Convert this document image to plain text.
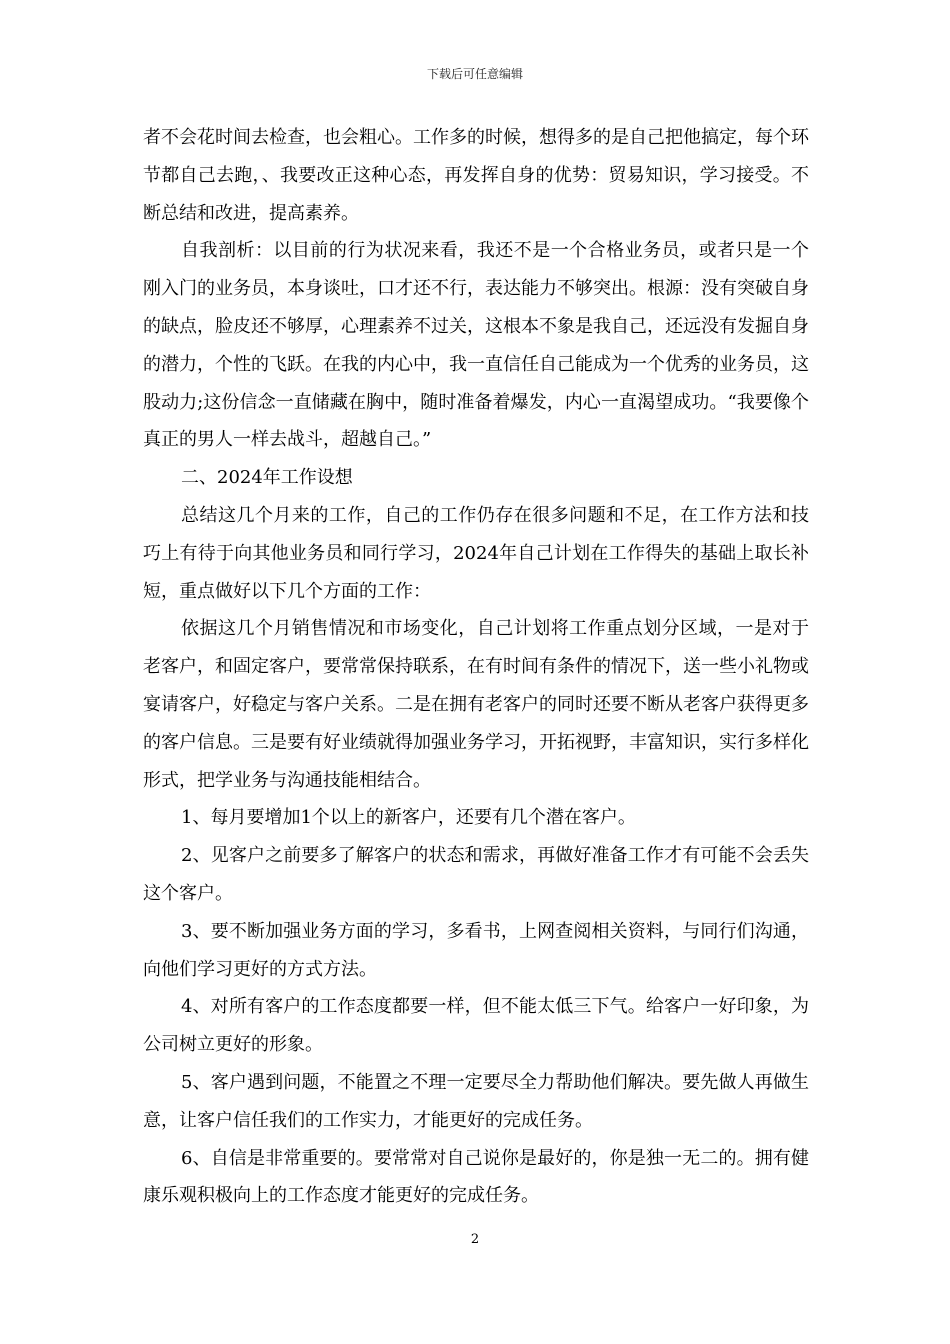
下载后可任意编辑

者不会花时间去检查，也会粗心。工作多的时候，想得多的是自己把他搞定，每个环节都自己去跑，、我要改正这种心态，再发挥自身的优势：贸易知识，学习接受。不断总结和改进，提高素养。

自我剖析：以目前的行为状况来看，我还不是一个合格业务员，或者只是一个刚入门的业务员，本身谈吐，口才还不行，表达能力不够突出。根源：没有突破自身的缺点，脸皮还不够厚，心理素养不过关，这根本不象是我自己，还远没有发掘自身的潜力，个性的飞跃。在我的内心中，我一直信任自己能成为一个优秀的业务员，这股动力;这份信念一直储藏在胸中，随时准备着爆发，内心一直渴望成功。“我要像个真正的男人一样去战斗，超越自己。”

二、2024年工作设想

总结这几个月来的工作，自己的工作仍存在很多问题和不足，在工作方法和技巧上有待于向其他业务员和同行学习，2024年自己计划在工作得失的基础上取长补短，重点做好以下几个方面的工作：

依据这几个月销售情况和市场变化，自己计划将工作重点划分区域，一是对于老客户，和固定客户，要常常保持联系，在有时间有条件的情况下，送一些小礼物或宴请客户，好稳定与客户关系。二是在拥有老客户的同时还要不断从老客户获得更多的客户信息。三是要有好业绩就得加强业务学习，开拓视野，丰富知识，实行多样化形式，把学业务与沟通技能相结合。

1、每月要增加1个以上的新客户，还要有几个潜在客户。

2、见客户之前要多了解客户的状态和需求，再做好准备工作才有可能不会丢失这个客户。

3、要不断加强业务方面的学习，多看书，上网查阅相关资料，与同行们沟通，向他们学习更好的方式方法。

4、对所有客户的工作态度都要一样，但不能太低三下气。给客户一好印象，为公司树立更好的形象。

5、客户遇到问题，不能置之不理一定要尽全力帮助他们解决。要先做人再做生意，让客户信任我们的工作实力，才能更好的完成任务。

6、自信是非常重要的。要常常对自己说你是最好的，你是独一无二的。拥有健康乐观积极向上的工作态度才能更好的完成任务。

2
